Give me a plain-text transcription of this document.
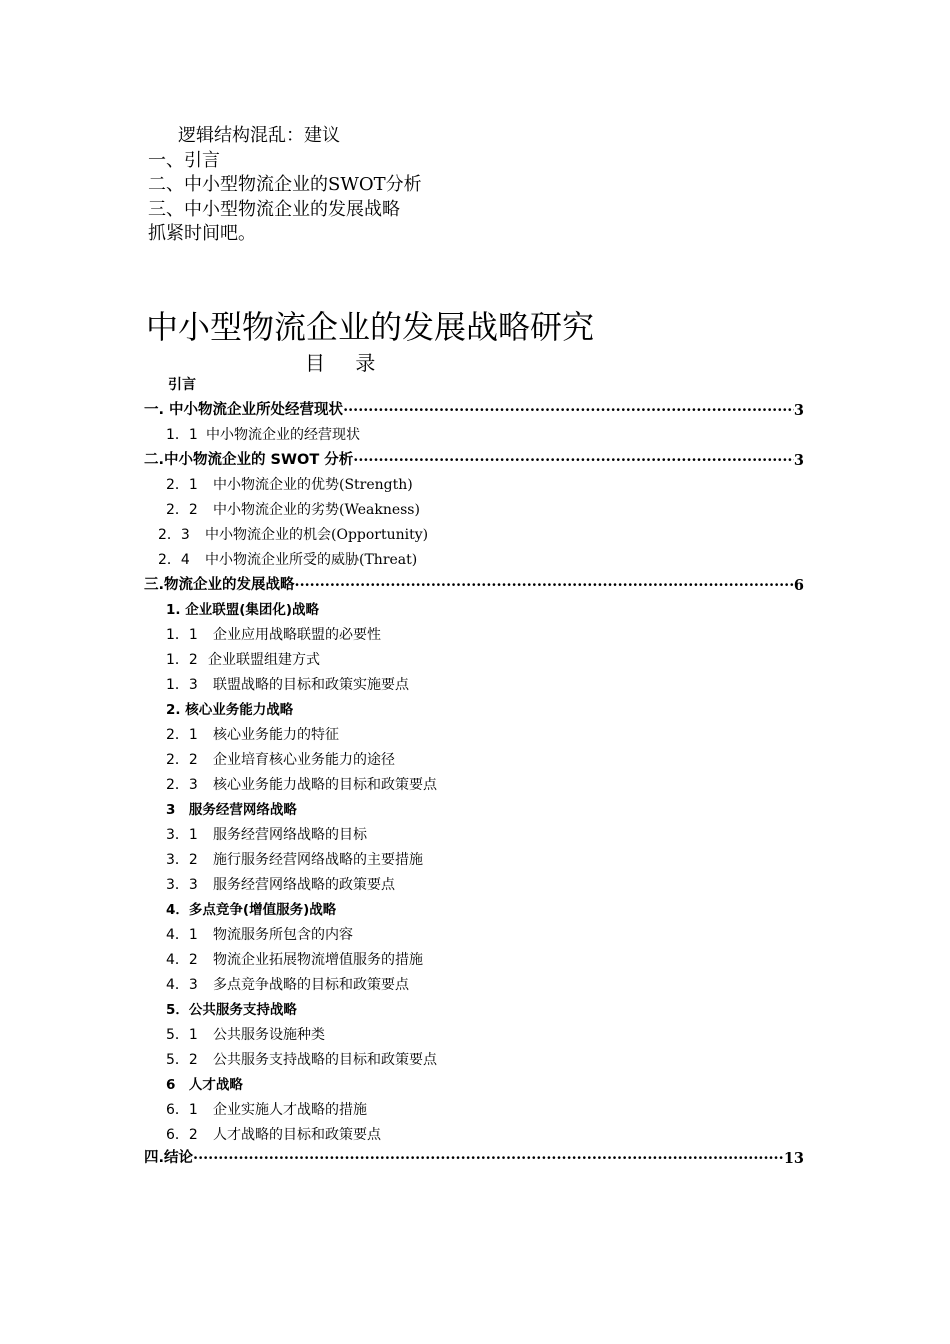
逻辑结构混乱：建议
一、引言
二、中小型物流企业的SWOT分析
三、中小型物流企业的发展战略
抓紧时间吧。
中小型物流企业的发展战略研究
目 录
引言
一. 中小物流企业所处经营现状 ·····	3
1．1 中小物流企业的经营现状
二.中小物流企业的 SWOT 分析 ·····	3
2．1 中小物流企业的优势(Strength)
2．2 中小物流企业的劣势(Weakness)
2．3 中小物流企业的机会(Opportunity)
2．4 中小物流企业所受的威胁(Threat)
三.物流企业的发展战略 ·····	6
1. 企业联盟(集团化)战略
1．1 企业应用战略联盟的必要性
1．2 企业联盟组建方式
1．3 联盟战略的目标和政策实施要点
2. 核心业务能力战略
2．1 核心业务能力的特征
2．2 企业培育核心业务能力的途径
2．3 核心业务能力战略的目标和政策要点
3　服务经营网络战略
3．1 服务经营网络战略的目标
3．2 施行服务经营网络战略的主要措施
3．3 服务经营网络战略的政策要点
4．多点竞争(增值服务)战略
4．1 物流服务所包含的内容
4．2 物流企业拓展物流增值服务的措施
4．3 多点竞争战略的目标和政策要点
5．公共服务支持战略
5．1 公共服务设施种类
5．2 公共服务支持战略的目标和政策要点
6　人才战略
6．1 企业实施人才战略的措施
6．2 人才战略的目标和政策要点
四.结论 ·····	13
